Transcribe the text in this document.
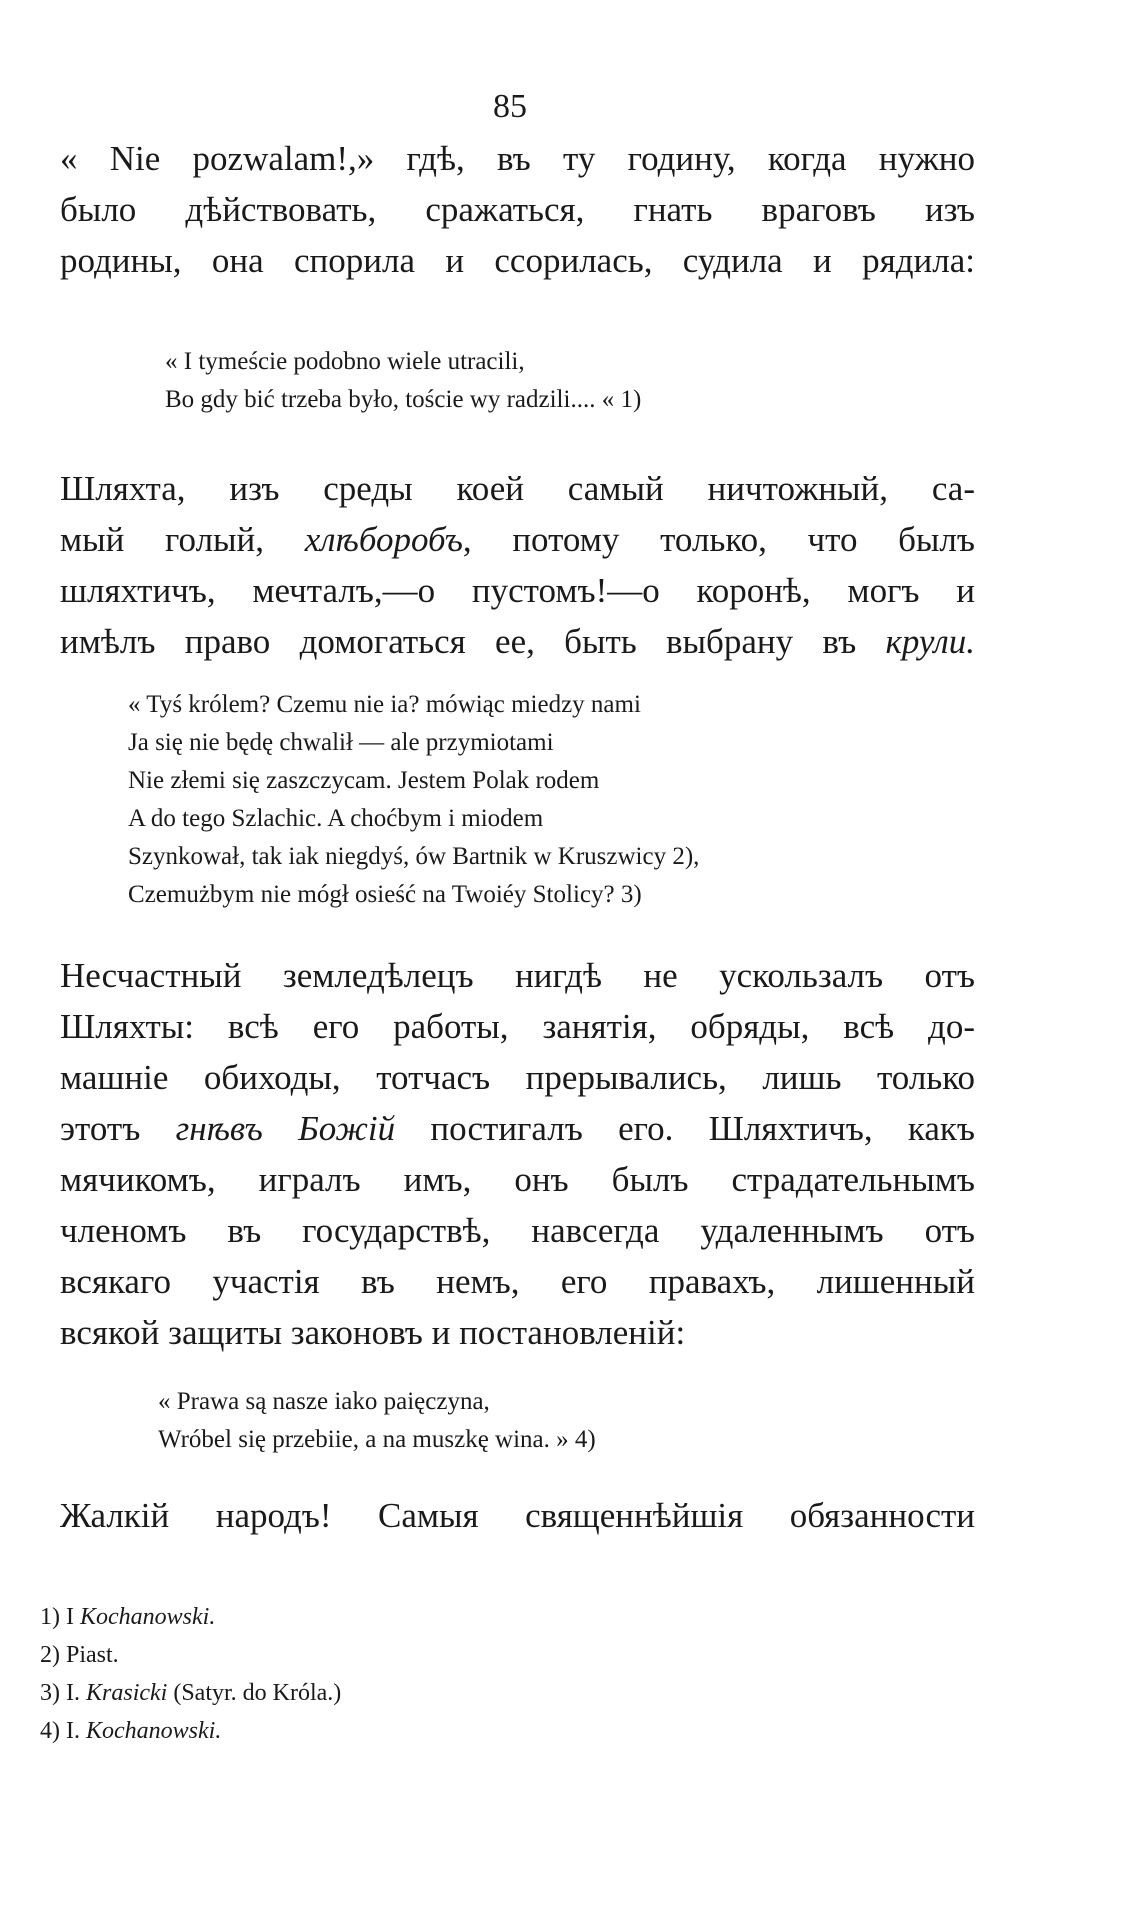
85
« Nie pozwalam!,» гдѣ, въ ту годину, когда нужно
было дѣйствовать, сражаться, гнать враговъ изъ
родины, она спорила и ссорилась, судила и рядила:
« I tymeście podobno wiele utracili,
Bo gdy bić trzeba było, toście wy radzili.... « 1)
Шляхта, изъ среды коей самый ничтожный, са-
мый голый, хлѣборобъ, потому только, что былъ
шляхтичъ, мечталъ,—о пустомъ!—о коронѣ, могъ и
имѣлъ право домогаться ее, быть выбрану въ крули.
« Tyś królem? Czemu nie ia? mówiąc miedzy nami
Ja się nie będę chwalił — ale przymiotami
Nie złemi się zaszczycam. Jestem Polak rodem
A do tego Szlachic. A choćbym i miodem
Szynkował, tak iak niegdyś, ów Bartnik w Kruszwicy 2),
Czemużbym nie mógł osieść na Twoiéy Stolicy? 3)
Несчастный земледѣлецъ нигдѣ не ускользалъ отъ
Шляхты: всѣ его работы, занятія, обряды, всѣ до-
машніе обиходы, тотчасъ прерывались, лишь только
этотъ гнѣвъ Божій постигалъ его. Шляхтичъ, какъ
мячикомъ, игралъ имъ, онъ былъ страдательнымъ
членомъ въ государствѣ, навсегда удаленнымъ отъ
всякаго участія въ немъ, его правахъ, лишенный
всякой защиты законовъ и постановленій:
« Prawa są nasze iako paięczyna,
Wróbel się przebiie, a na muszkę wina. » 4)
Жалкій народъ! Самыя священнѣйшія обязанности
1) I Kochanowski.
2) Piast.
3) I. Krasicki (Satyr. do Króla.)
4) I. Kochanowski.
